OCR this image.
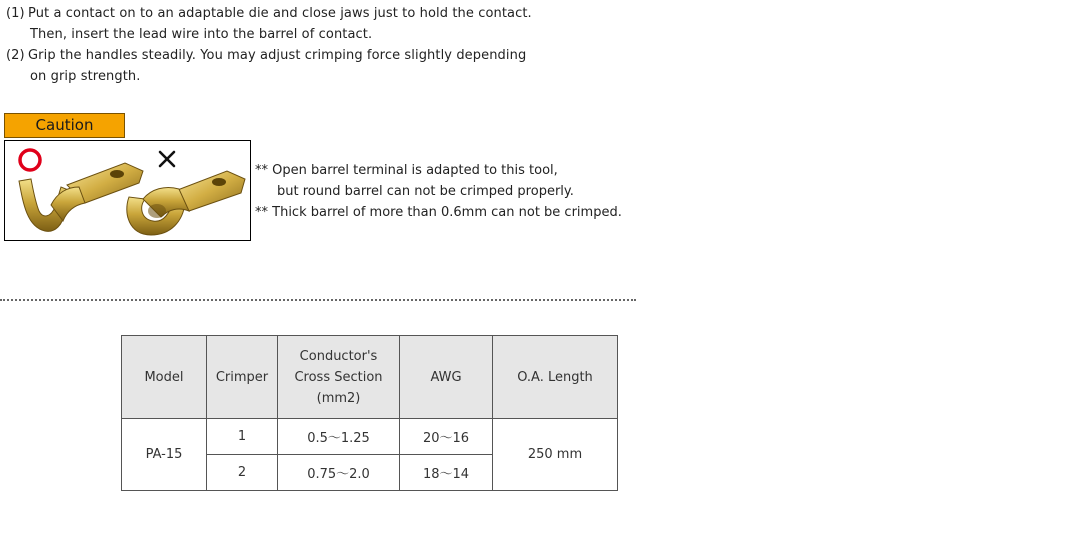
(1) Put a contact on to an adaptable die and close jaws just to hold the contact.
Then, insert the lead wire into the barrel of contact.
(2) Grip the handles steadily. You may adjust crimping force slightly depending
on grip strength.
Caution
** Open barrel terminal is adapted to this tool,
but round barrel can not be crimped properly.
** Thick barrel of more than 0.6mm can not be crimped.
Model	Crimper	Conductor's
Cross Section
(mm2)	AWG	O.A. Length
PA-15	1	0.5～1.25	20～16	250 mm
	2	0.75～2.0	18～14	
